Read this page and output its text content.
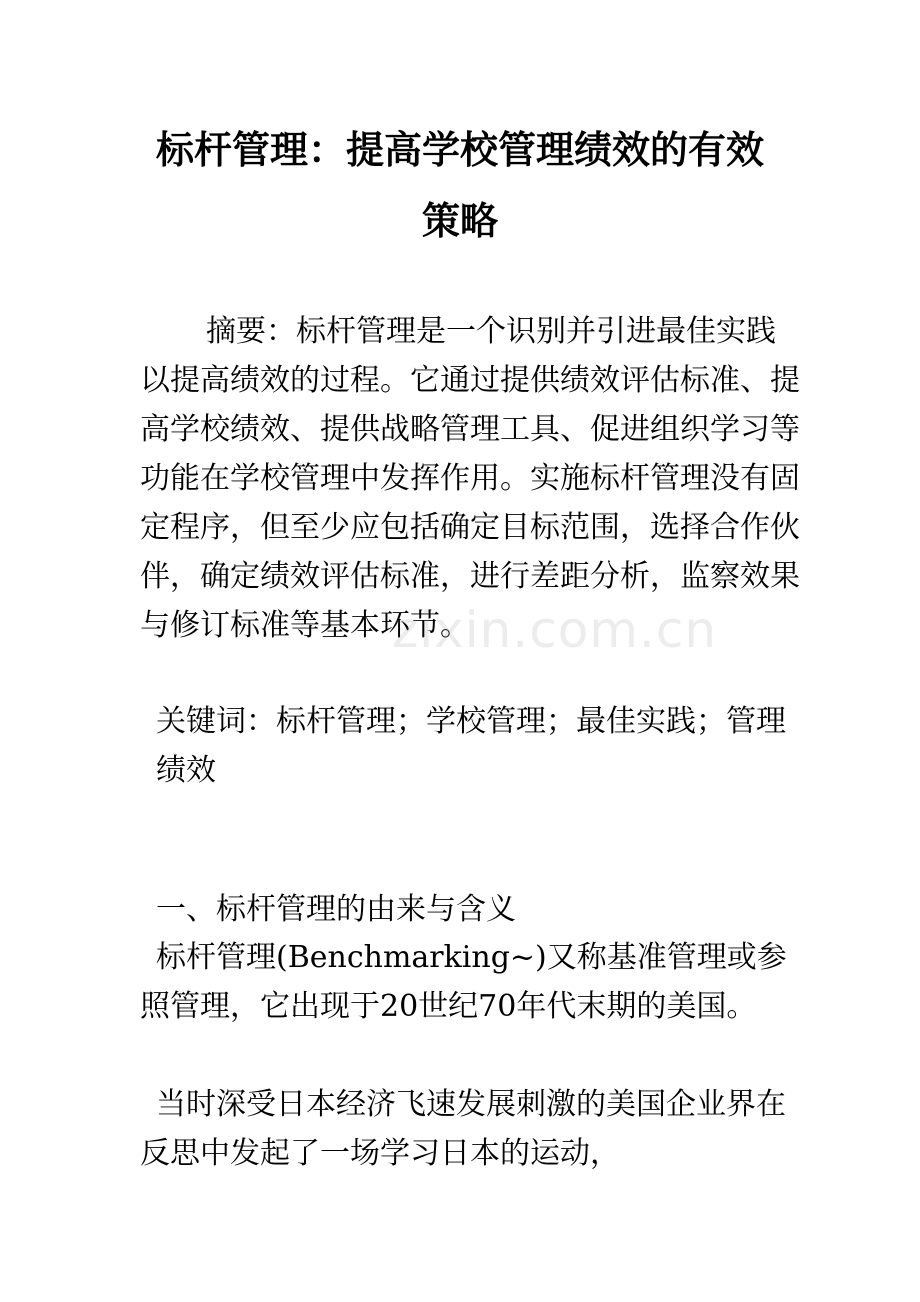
标杆管理：提高学校管理绩效的有效
策略

摘要：标杆管理是一个识别并引进最佳实践以提高绩效的过程。它通过提供绩效评估标准、提高学校绩效、提供战略管理工具、促进组织学习等功能在学校管理中发挥作用。实施标杆管理没有固定程序，但至少应包括确定目标范围，选择合作伙伴，确定绩效评估标准，进行差距分析，监察效果与修订标准等基本环节。

关键词：标杆管理；学校管理；最佳实践；管理绩效

一、标杆管理的由来与含义

标杆管理(Benchmarking~)又称基准管理或参照管理，它出现于20世纪70年代末期的美国。

当时深受日本经济飞速发展刺激的美国企业界在反思中发起了一场学习日本的运动，

zixin.com.cn
